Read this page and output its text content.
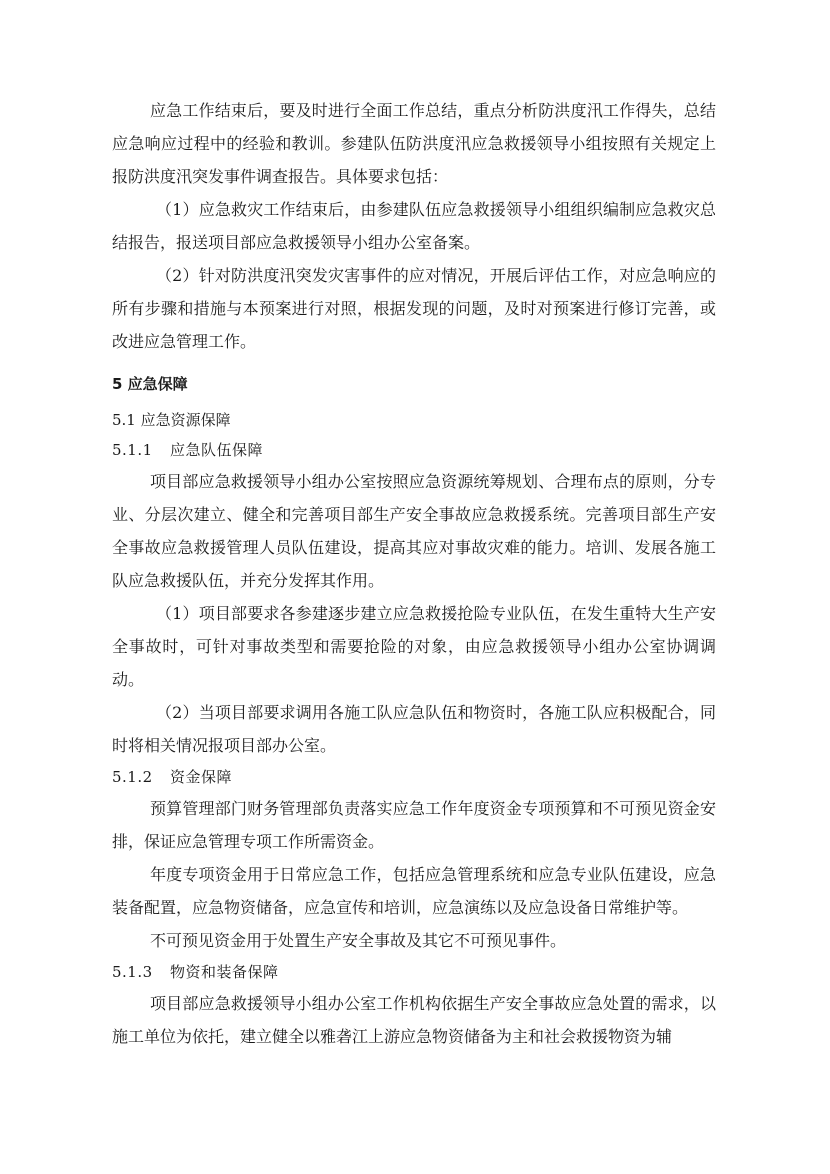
应急工作结束后，要及时进行全面工作总结，重点分析防洪度汛工作得失，总结应急响应过程中的经验和教训。参建队伍防洪度汛应急救援领导小组按照有关规定上报防洪度汛突发事件调查报告。具体要求包括：

（1）应急救灾工作结束后，由参建队伍应急救援领导小组组织编制应急救灾总结报告，报送项目部应急救援领导小组办公室备案。

（2）针对防洪度汛突发灾害事件的应对情况，开展后评估工作，对应急响应的所有步骤和措施与本预案进行对照，根据发现的问题，及时对预案进行修订完善，或改进应急管理工作。

5 应急保障
5.1 应急资源保障
5.1.1 应急队伍保障

项目部应急救援领导小组办公室按照应急资源统筹规划、合理布点的原则，分专业、分层次建立、健全和完善项目部生产安全事故应急救援系统。完善项目部生产安全事故应急救援管理人员队伍建设，提高其应对事故灾难的能力。培训、发展各施工队应急救援队伍，并充分发挥其作用。

（1）项目部要求各参建逐步建立应急救援抢险专业队伍，在发生重特大生产安全事故时，可针对事故类型和需要抢险的对象，由应急救援领导小组办公室协调调动。

（2）当项目部要求调用各施工队应急队伍和物资时，各施工队应积极配合，同时将相关情况报项目部办公室。

5.1.2 资金保障

预算管理部门财务管理部负责落实应急工作年度资金专项预算和不可预见资金安排，保证应急管理专项工作所需资金。

年度专项资金用于日常应急工作，包括应急管理系统和应急专业队伍建设，应急装备配置，应急物资储备，应急宣传和培训，应急演练以及应急设备日常维护等。

不可预见资金用于处置生产安全事故及其它不可预见事件。

5.1.3 物资和装备保障

项目部应急救援领导小组办公室工作机构依据生产安全事故应急处置的需求，以施工单位为依托，建立健全以雅砻江上游应急物资储备为主和社会救援物资为辅
